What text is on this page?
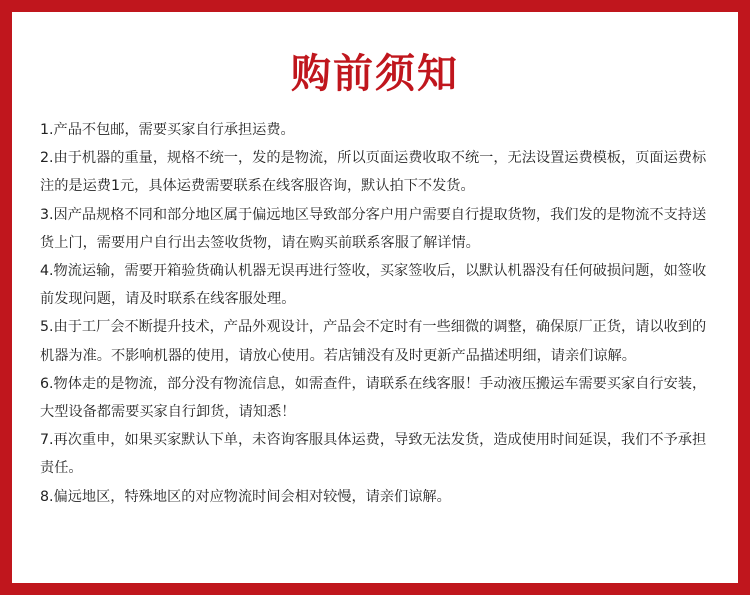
购前须知
1.产品不包邮，需要买家自行承担运费。
2.由于机器的重量，规格不统一，发的是物流，所以页面运费收取不统一，无法设置运费模板，页面运费标注的是运费1元，具体运费需要联系在线客服咨询，默认拍下不发货。
3.因产品规格不同和部分地区属于偏远地区导致部分客户用户需要自行提取货物，我们发的是物流不支持送货上门，需要用户自行出去签收货物，请在购买前联系客服了解详情。
4.物流运输，需要开箱验货确认机器无误再进行签收，买家签收后，以默认机器没有任何破损问题，如签收前发现问题，请及时联系在线客服处理。
5.由于工厂会不断提升技术，产品外观设计，产品会不定时有一些细微的调整，确保原厂正货，请以收到的机器为准。不影响机器的使用，请放心使用。若店铺没有及时更新产品描述明细，请亲们谅解。
6.物体走的是物流，部分没有物流信息，如需查件，请联系在线客服！手动液压搬运车需要买家自行安装，大型设备都需要买家自行卸货，请知悉！
7.再次重申，如果买家默认下单，未咨询客服具体运费，导致无法发货，造成使用时间延误，我们不予承担责任。
8.偏远地区，特殊地区的对应物流时间会相对较慢，请亲们谅解。
